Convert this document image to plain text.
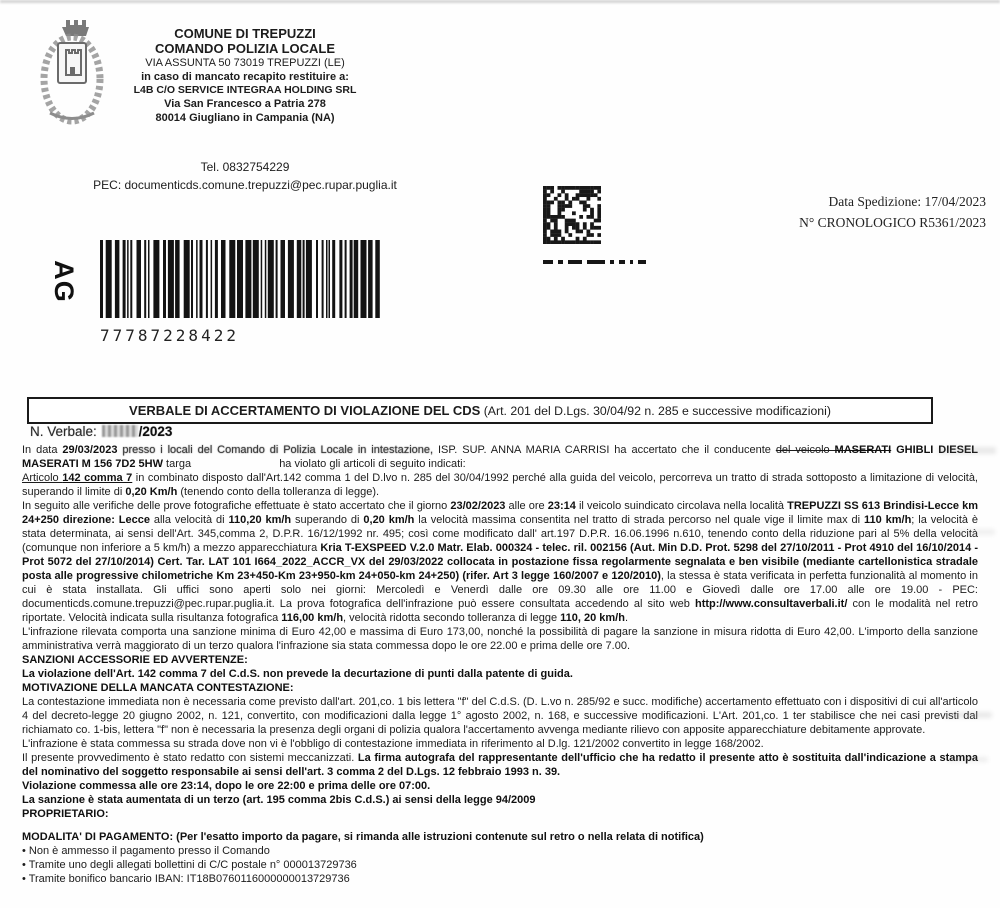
COMUNE DI TREPUZZI
COMANDO POLIZIA LOCALE
VIA ASSUNTA 50 73019 TREPUZZI (LE)
in caso di mancato recapito restituire a:
L4B C/O SERVICE INTEGRAA HOLDING SRL
Via San Francesco a Patria 278
80014 Giugliano in Campania (NA)
Tel. 0832754229
PEC: documenticds.comune.trepuzzi@pec.rupar.puglia.it
Data Spedizione: 17/04/2023
N° CRONOLOGICO R5361/2023
AG
77787228422
VERBALE DI ACCERTAMENTO DI VIOLAZIONE DEL CDS (Art. 201 del D.Lgs. 30/04/92 n. 285 e successive modificazioni)
N. Verbale:	/2023
In data 29/03/2023 presso i locali del Comando di Polizia Locale in intestazione, ISP. SUP. ANNA MARIA CARRISI ha accertato che il conducente del veicolo MASERATI GHIBLI DIESEL MASERATI M 156 7D2 5HW targa	ha violato gli articoli di seguito indicati:
Articolo 142 comma 7 in combinato disposto dall'Art.142 comma 1 del D.lvo n. 285 del 30/04/1992 perché alla guida del veicolo, percorreva un tratto di strada sottoposto a limitazione di velocità, superando il limite di 0,20 Km/h (tenendo conto della tolleranza di legge).
In seguito alle verifiche delle prove fotografiche effettuate è stato accertato che il giorno 23/02/2023 alle ore 23:14 il veicolo suindicato circolava nella località TREPUZZI SS 613 Brindisi-Lecce km 24+250 direzione: Lecce alla velocità di 110,20 km/h superando di 0,20 km/h la velocità massima consentita nel tratto di strada percorso nel quale vige il limite max di 110 km/h; la velocità è stata determinata, ai sensi dell'Art. 345,comma 2, D.P.R. 16/12/1992 nr. 495; così come modificato dall' art.197 D.P.R. 16.06.1996 n.610, tenendo conto della riduzione pari al 5% della velocità (comunque non inferiore a 5 km/h) a mezzo apparecchiatura Kria T-EXSPEED V.2.0 Matr. Elab. 000324 - telec. ril. 002156 (Aut. Min D.D. Prot. 5298 del 27/10/2011 - Prot 4910 del 16/10/2014 - Prot 5072 del 27/10/2014) Cert. Tar. LAT 101 I664_2022_ACCR_VX del 29/03/2022 collocata in postazione fissa regolarmente segnalata e ben visibile (mediante cartellonistica stradale posta alle progressive chilometriche Km 23+450-Km 23+950-km 24+050-km 24+250) (rifer. Art 3 legge 160/2007 e 120/2010), la stessa è stata verificata in perfetta funzionalità al momento in cui è stata installata. Gli uffici sono aperti solo nei giorni: Mercoledì e Venerdì dalle ore 09.30 alle ore 11.00 e Giovedì dalle ore 17.00 alle ore 19.00 - PEC: documenticds.comune.trepuzzi@pec.rupar.puglia.it. La prova fotografica dell'infrazione può essere consultata accedendo al sito web http://www.consultaverbali.it/ con le modalità nel retro riportate. Velocità indicata sulla risultanza fotografica 116,00 km/h, velocità ridotta secondo tolleranza di legge 110, 20 km/h.
L'infrazione rilevata comporta una sanzione minima di Euro 42,00 e massima di Euro 173,00, nonché la possibilità di pagare la sanzione in misura ridotta di Euro 42,00. L'importo della sanzione amministrativa verrà maggiorato di un terzo qualora l'infrazione sia stata commessa dopo le ore 22.00 e prima delle ore 7.00.
SANZIONI ACCESSORIE ED AVVERTENZE:
La violazione dell'Art. 142 comma 7 del C.d.S. non prevede la decurtazione di punti dalla patente di guida.
MOTIVAZIONE DELLA MANCATA CONTESTAZIONE:
La contestazione immediata non è necessaria come previsto dall'art. 201,co. 1 bis lettera "f" del C.d.S. (D. L.vo n. 285/92 e succ. modifiche) accertamento effettuato con i dispositivi di cui all'articolo 4 del decreto-legge 20 giugno 2002, n. 121, convertito, con modificazioni dalla legge 1° agosto 2002, n. 168, e successive modificazioni. L'Art. 201,co. 1 ter stabilisce che nei casi previsti dal richiamato co. 1-bis, lettera "f" non è necessaria la presenza degli organi di polizia qualora l'accertamento avvenga mediante rilievo con apposite apparecchiature debitamente approvate.
L'infrazione è stata commessa su strada dove non vi è l'obbligo di contestazione immediata in riferimento al D.lg. 121/2002 convertito in legge 168/2002.
Il presente provvedimento è stato redatto con sistemi meccanizzati. La firma autografa del rappresentante dell'ufficio che ha redatto il presente atto è sostituita dall'indicazione a stampa del nominativo del soggetto responsabile ai sensi dell'art. 3 comma 2 del D.Lgs. 12 febbraio 1993 n. 39.
Violazione commessa alle ore 23:14, dopo le ore 22:00 e prima delle ore 07:00.
La sanzione è stata aumentata di un terzo (art. 195 comma 2bis C.d.S.) ai sensi della legge 94/2009
PROPRIETARIO:
MODALITA' DI PAGAMENTO: (Per l'esatto importo da pagare, si rimanda alle istruzioni contenute sul retro o nella relata di notifica)
• Non è ammesso il pagamento presso il Comando
• Tramite uno degli allegati bollettini di C/C postale n° 000013729736
• Tramite bonifico bancario IBAN: IT18B0760116000000013729736
